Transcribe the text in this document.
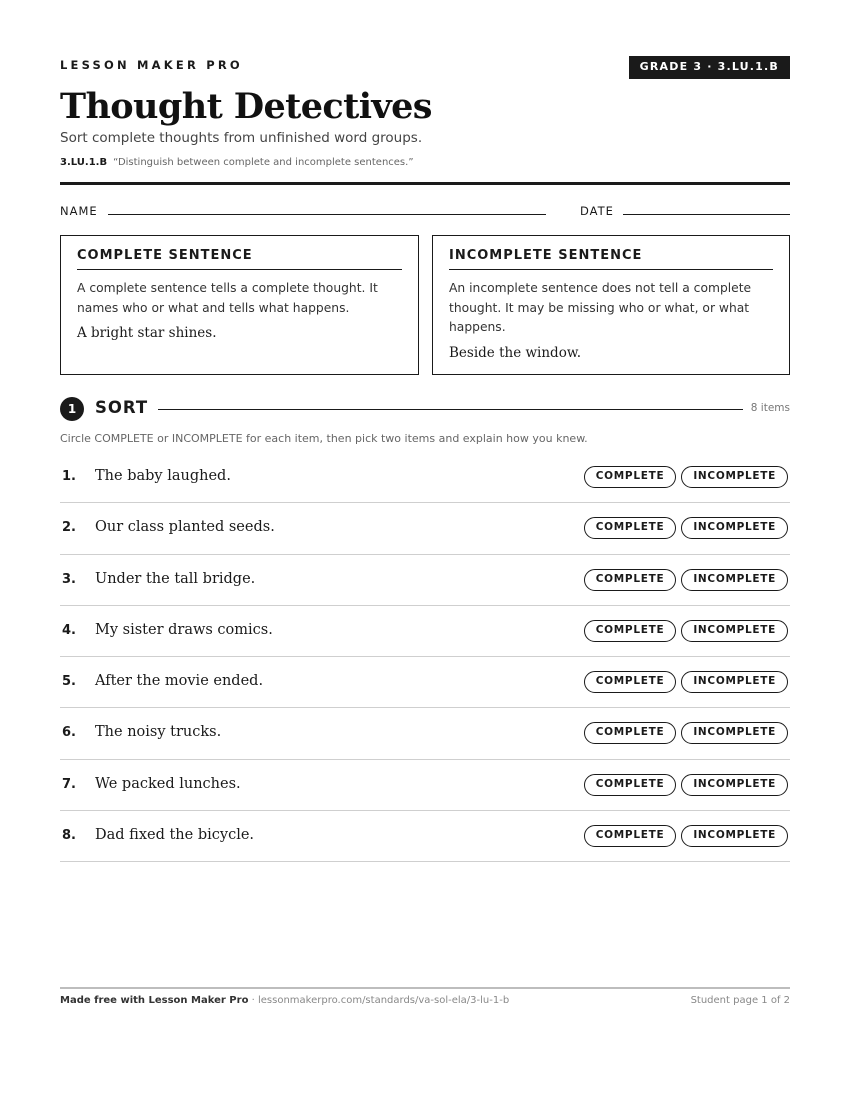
LESSON MAKER PRO	GRADE 3 · 3.LU.1.B
Thought Detectives
Sort complete thoughts from unfinished word groups.
3.LU.1.B “Distinguish between complete and incomplete sentences.”
NAME	DATE
COMPLETE SENTENCE
A complete sentence tells a complete thought. It names who or what and tells what happens.
A bright star shines.
INCOMPLETE SENTENCE
An incomplete sentence does not tell a complete thought. It may be missing who or what, or what happens.
Beside the window.
1	SORT	8 items
Circle COMPLETE or INCOMPLETE for each item, then pick two items and explain how you knew.
1. The baby laughed.	COMPLETE	INCOMPLETE
2. Our class planted seeds.	COMPLETE	INCOMPLETE
3. Under the tall bridge.	COMPLETE	INCOMPLETE
4. My sister draws comics.	COMPLETE	INCOMPLETE
5. After the movie ended.	COMPLETE	INCOMPLETE
6. The noisy trucks.	COMPLETE	INCOMPLETE
7. We packed lunches.	COMPLETE	INCOMPLETE
8. Dad fixed the bicycle.	COMPLETE	INCOMPLETE
Made free with Lesson Maker Pro · lessonmakerpro.com/standards/va-sol-ela/3-lu-1-b	Student page 1 of 2
